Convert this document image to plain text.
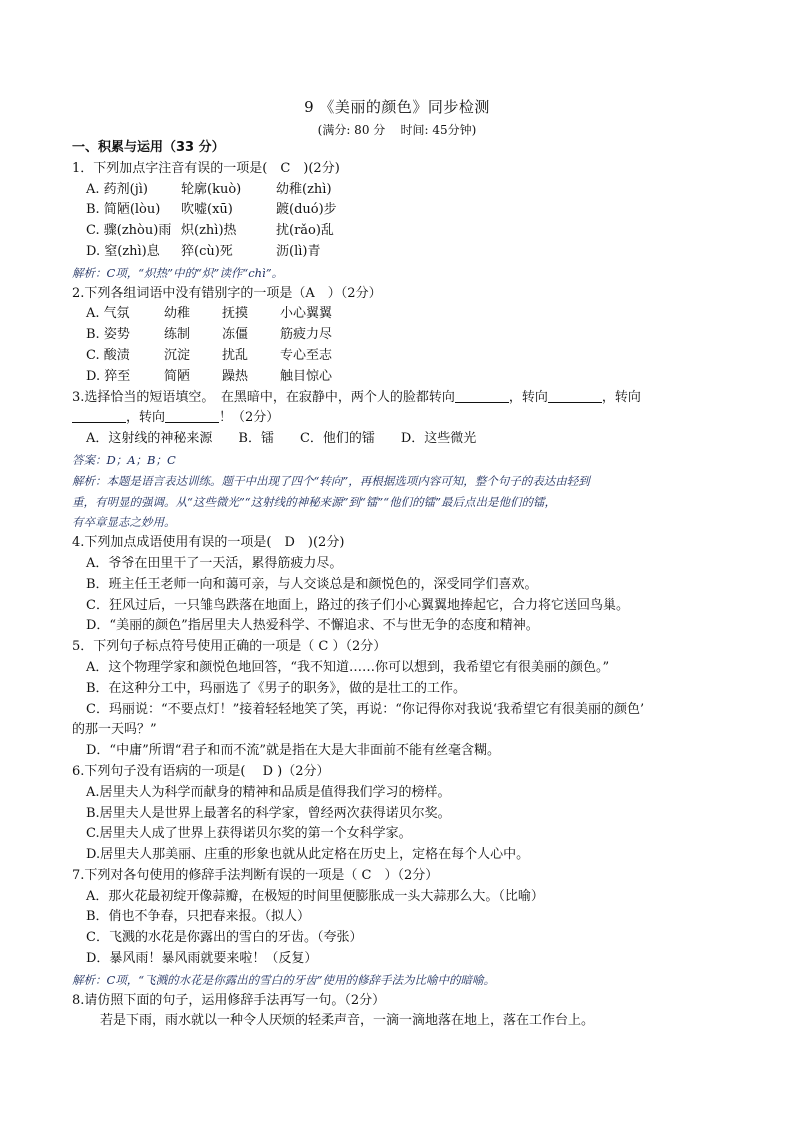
9 《美丽的颜色》同步检测
(满分: 80 分    时间: 45分钟)
一、积累与运用（33 分）
1．下列加点字注音有误的一项是(　C　)(2分)
A. 药剂(jì)	轮廓(kuò)	幼稚(zhì)
B. 简陋(lòu) 吹嘘(xū)	踱(duó)步
C. 骤(zhòu)雨 炽(zhì)热	扰(rǎo)乱
D. 窒(zhì)息 猝(cù)死	沥(lì)青
解析：C项，“炽热”中的“炽”读作“chì”。
2.下列各组词语中没有错别字的一项是（A　）（2分）
A. 气氛	幼稚 抚摸 小心翼翼
B. 姿势	练制 冻僵 筋疲力尽
C. 酸渍	沉淀 扰乱 专心至志
D. 猝至	简陋 躁热 触目惊心
3.选择恰当的短语填空。　在黑暗中，在寂静中，两个人的脸都转向	，转向	，转向
，转向	！（2分）
A．这射线的神秘来源　　B．镭　　C．他们的镭　　D．这些微光
答案：D；A；B；C
解析：本题是语言表达训练。题干中出现了四个“转向”，再根据选项内容可知，整个句子的表达由轻到
重，有明显的强调。从“这些微光”“这射线的神秘来源”到“镭”“他们的镭”最后点出是他们的镭，
有卒章显志之妙用。
4.下列加点成语使用有误的一项是(　D　)(2分)
A．爷爷在田里干了一天活，累得筋疲力尽。
B．班主任王老师一向和蔼可亲，与人交谈总是和颜悦色的，深受同学们喜欢。
C．狂风过后，一只雏鸟跌落在地面上，路过的孩子们小心翼翼地捧起它，合力将它送回鸟巢。
D．“美丽的颜色”指居里夫人热爱科学、不懈追求、不与世无争的态度和精神。
5．下列句子标点符号使用正确的一项是（ C ）（2分）
A．这个物理学家和颜悦色地回答，“我不知道……你可以想到，我希望它有很美丽的颜色。”
B．在这种分工中，玛丽选了《男子的职务》，做的是壮工的工作。
C．玛丽说：“不要点灯！”接着轻轻地笑了笑，再说：“你记得你对我说‘我希望它有很美丽的颜色’
的那一天吗？”
D．“中庸”所谓“君子和而不流”就是指在大是大非面前不能有丝毫含糊。
6.下列句子没有语病的一项是(　 D )（2分）
A.居里夫人为科学而献身的精神和品质是值得我们学习的榜样。
B.居里夫人是世界上最著名的科学家，曾经两次获得诺贝尔奖。
C.居里夫人成了世界上获得诺贝尔奖的第一个女科学家。
D.居里夫人那美丽、庄重的形象也就从此定格在历史上，定格在每个人心中。
7.下列对各句使用的修辞手法判断有误的一项是（ C　）（2分）
A．那火花最初绽开像蒜瓣，在极短的时间里便膨胀成一头大蒜那么大。（比喻）
B．俏也不争春，只把春来报。（拟人）
C．飞溅的水花是你露出的雪白的牙齿。（夸张）
D．暴风雨！暴风雨就要来啦！（反复）
解析：C项，“飞溅的水花是你露出的雪白的牙齿”使用的修辞手法为比喻中的暗喻。
8.请仿照下面的句子，运用修辞手法再写一句。（2分）
若是下雨，雨水就以一种令人厌烦的轻柔声音，一滴一滴地落在地上，落在工作台上。
